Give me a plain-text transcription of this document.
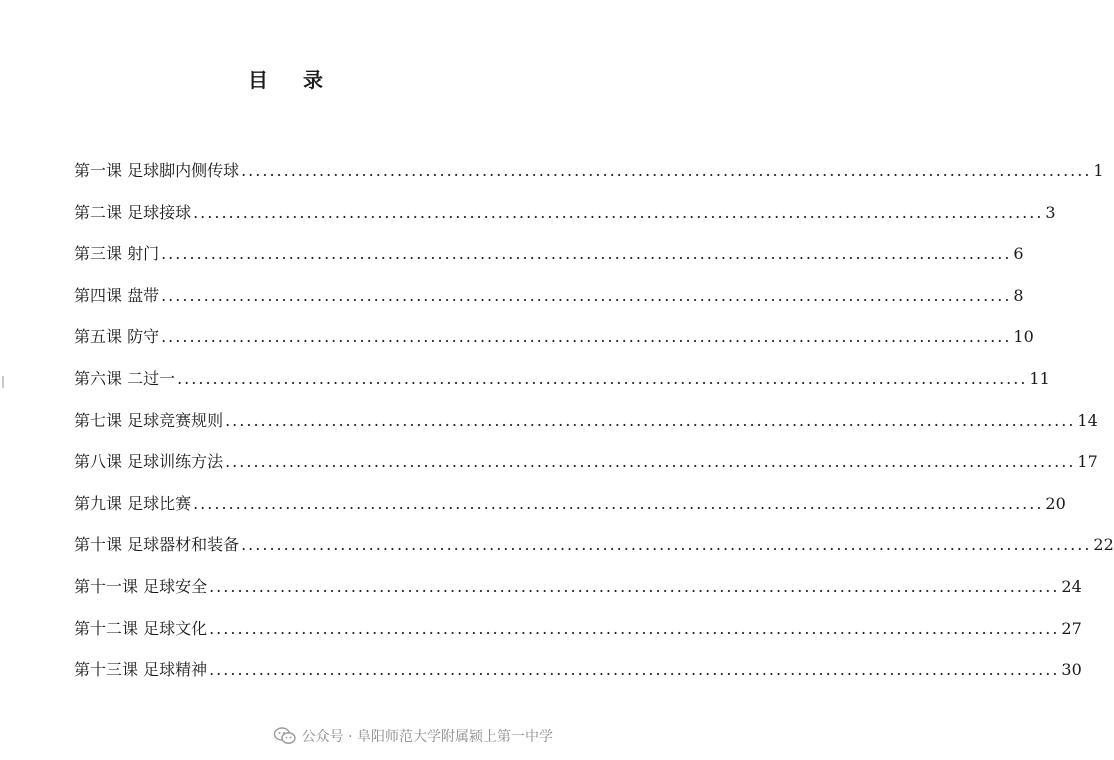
目 录
第一课 足球脚内侧传球 ........................................................................................................................ 1
第二课 足球接球 ........................................................................................................................ 3
第三课 射门 ........................................................................................................................ 6
第四课 盘带 ........................................................................................................................ 8
第五课 防守 ........................................................................................................................ 10
第六课 二过一 ........................................................................................................................ 11
第七课 足球竞赛规则 ........................................................................................................................ 14
第八课 足球训练方法 ........................................................................................................................ 17
第九课 足球比赛 ........................................................................................................................ 20
第十课 足球器材和装备 ........................................................................................................................ 22
第十一课 足球安全 ........................................................................................................................ 24
第十二课 足球文化 ........................................................................................................................ 27
第十三课 足球精神 ........................................................................................................................ 30
公众号 · 阜阳师范大学附属颍上第一中学
